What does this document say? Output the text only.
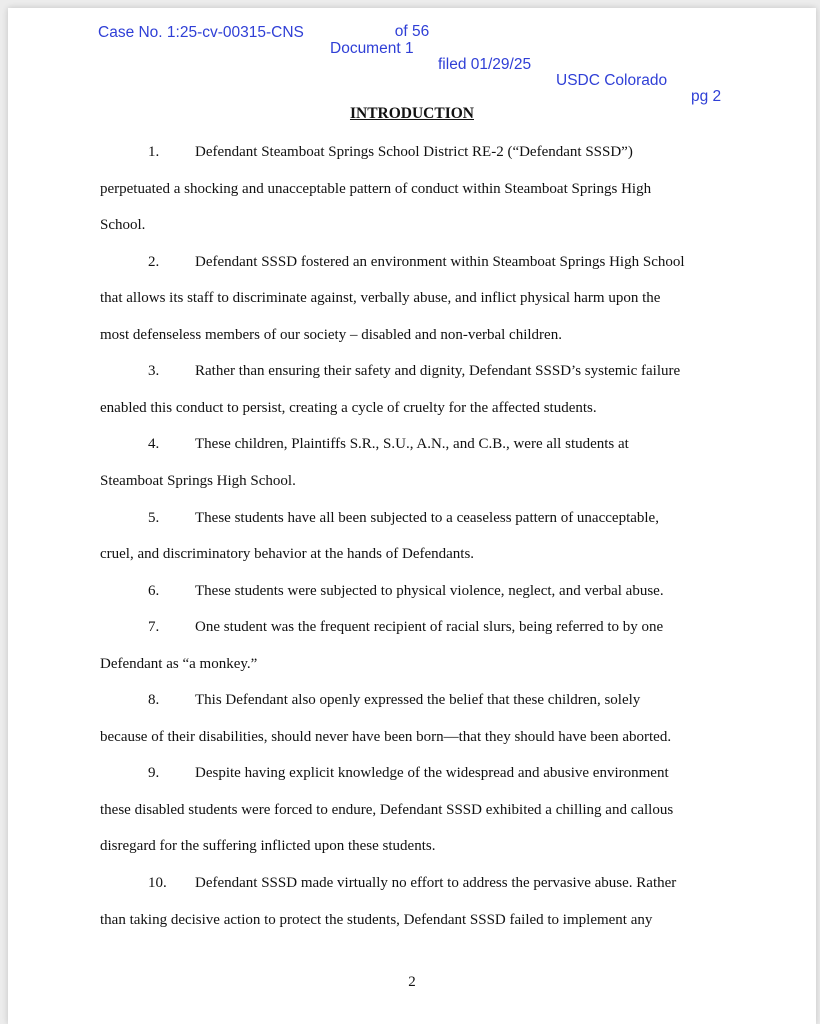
Case No. 1:25-cv-00315-CNS

Document 1

filed 01/29/25

USDC Colorado

pg 2

of 56
INTRODUCTION
1. Defendant Steamboat Springs School District RE-2 (“Defendant SSSD”)
perpetuated a shocking and unacceptable pattern of conduct within Steamboat Springs High
School.
2. Defendant SSSD fostered an environment within Steamboat Springs High School
that allows its staff to discriminate against, verbally abuse, and inflict physical harm upon the
most defenseless members of our society – disabled and non-verbal children.
3. Rather than ensuring their safety and dignity, Defendant SSSD’s systemic failure
enabled this conduct to persist, creating a cycle of cruelty for the affected students.
4. These children, Plaintiffs S.R., S.U., A.N., and C.B., were all students at
Steamboat Springs High School.
5. These students have all been subjected to a ceaseless pattern of unacceptable,
cruel, and discriminatory behavior at the hands of Defendants.
6. These students were subjected to physical violence, neglect, and verbal abuse.
7. One student was the frequent recipient of racial slurs, being referred to by one
Defendant as “a monkey.”
8. This Defendant also openly expressed the belief that these children, solely
because of their disabilities, should never have been born—that they should have been aborted.
9. Despite having explicit knowledge of the widespread and abusive environment
these disabled students were forced to endure, Defendant SSSD exhibited a chilling and callous
disregard for the suffering inflicted upon these students.
10. Defendant SSSD made virtually no effort to address the pervasive abuse. Rather
than taking decisive action to protect the students, Defendant SSSD failed to implement any
2
